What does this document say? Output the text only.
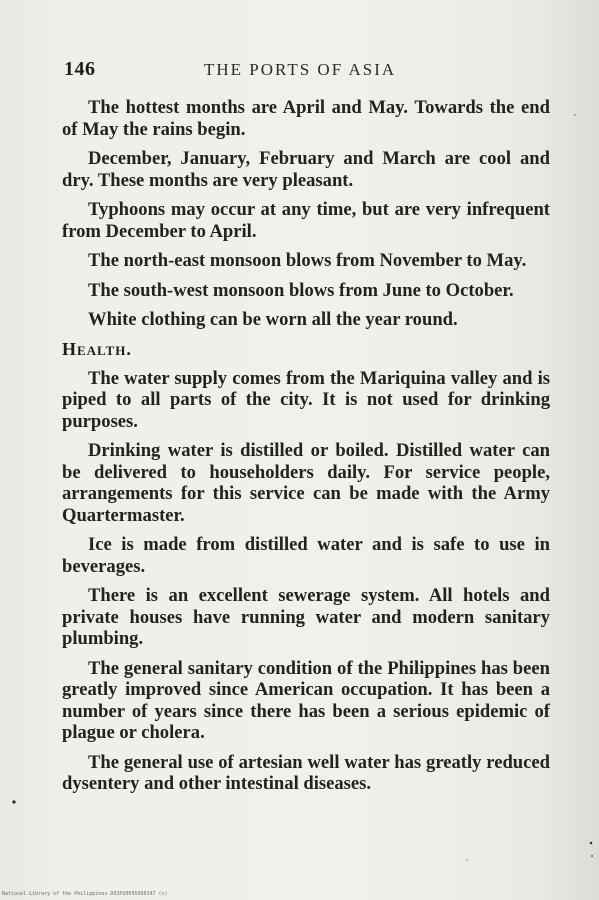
146	THE PORTS OF ASIA

The hottest months are April and May. Towards the end of May the rains begin.

December, January, February and March are cool and dry. These months are very pleasant.

Typhoons may occur at any time, but are very infrequent from December to April.

The north-east monsoon blows from November to May.

The south-west monsoon blows from June to October.

White clothing can be worn all the year round.

Health.

The water supply comes from the Mariquina valley and is piped to all parts of the city. It is not used for drinking purposes.

Drinking water is distilled or boiled. Distilled water can be delivered to householders daily. For service people, arrangements for this service can be made with the Army Quartermaster.

Ice is made from distilled water and is safe to use in beverages.

There is an excellent sewerage system. All hotels and private houses have running water and modern sanitary plumbing.

The general sanitary condition of the Philippines has been greatly improved since American occupation. It has been a number of years since there has been a serious epidemic of plague or cholera.

The general use of artesian well water has greatly reduced dysentery and other intestinal diseases.

National Library of the Philippines DO3PS0095060147 (c)
